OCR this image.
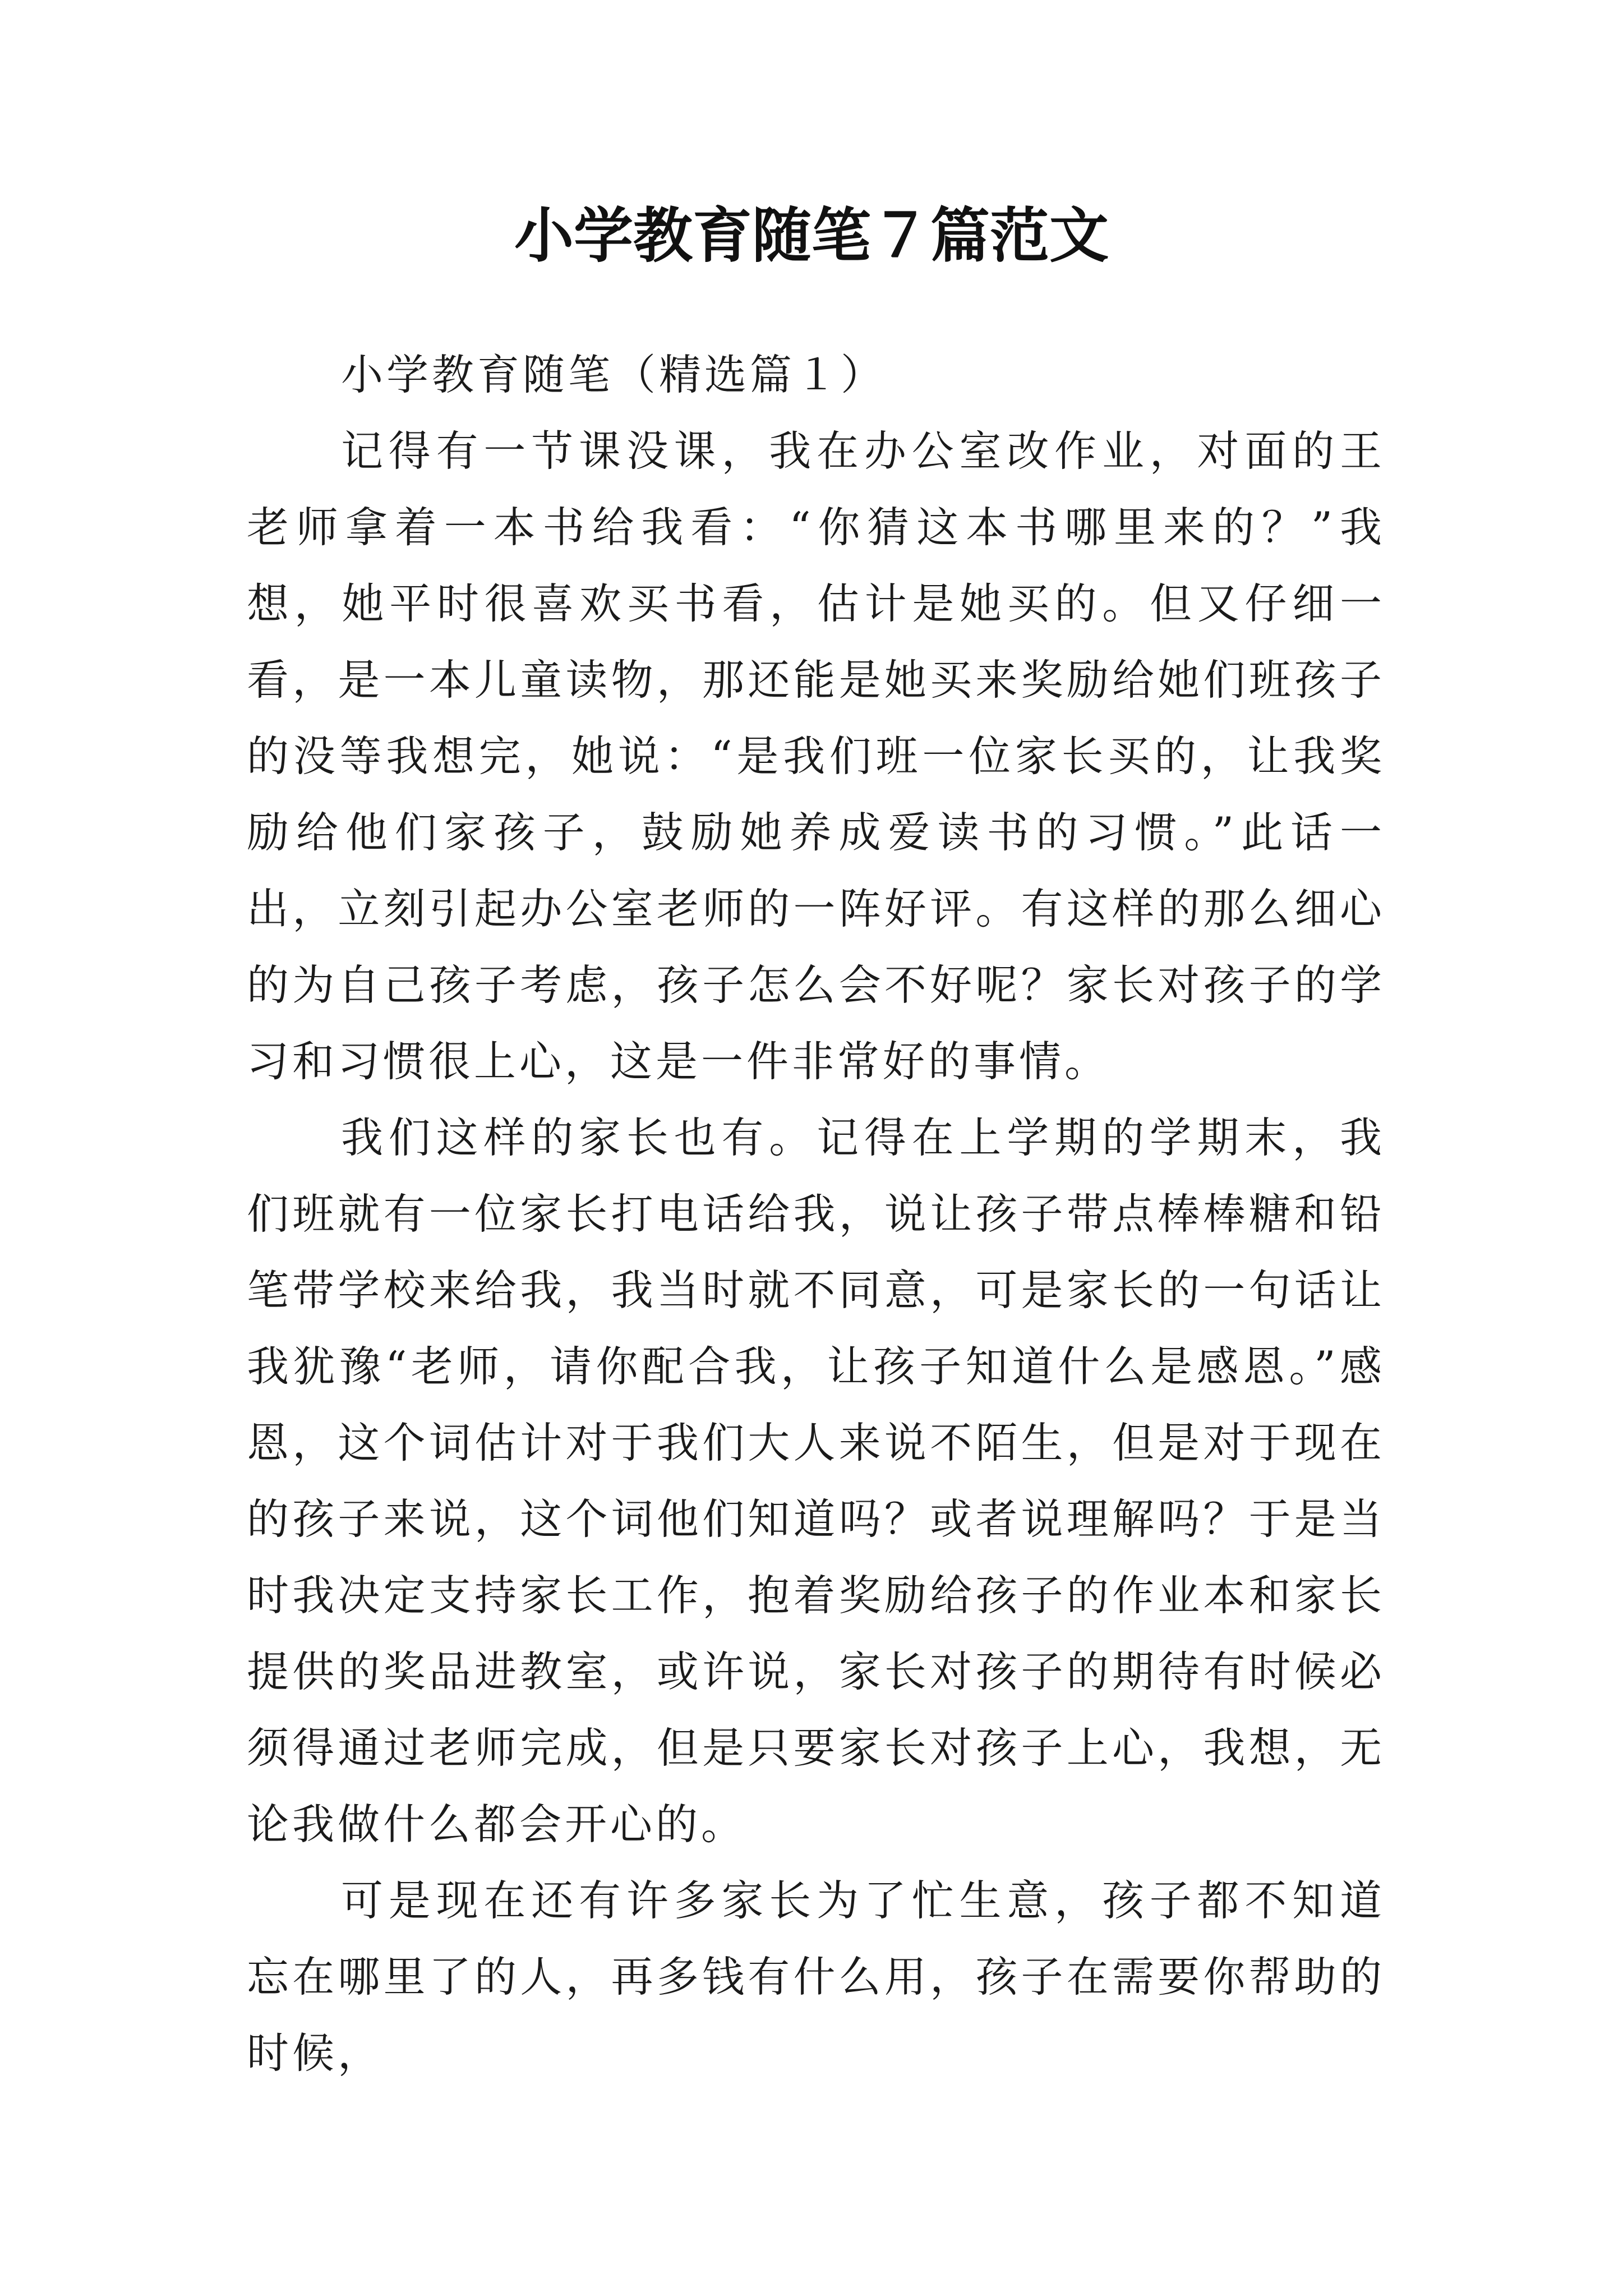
小学教育随笔７篇范文

小学教育随笔（精选篇１）

记得有一节课没课，我在办公室改作业，对面的王老师拿着一本书给我看：“你猜这本书哪里来的？”我想，她平时很喜欢买书看，估计是她买的。但又仔细一看，是一本儿童读物，那还能是她买来奖励给她们班孩子的没等我想完，她说：“是我们班一位家长买的，让我奖励给他们家孩子，鼓励她养成爱读书的习惯。”此话一出，立刻引起办公室老师的一阵好评。有这样的那么细心的为自己孩子考虑，孩子怎么会不好呢？家长对孩子的学习和习惯很上心，这是一件非常好的事情。

我们这样的家长也有。记得在上学期的学期末，我们班就有一位家长打电话给我，说让孩子带点棒棒糖和铅笔带学校来给我，我当时就不同意，可是家长的一句话让我犹豫“老师，请你配合我，让孩子知道什么是感恩。”感恩，这个词估计对于我们大人来说不陌生，但是对于现在的孩子来说，这个词他们知道吗？或者说理解吗？于是当时我决定支持家长工作，抱着奖励给孩子的作业本和家长提供的奖品进教室，或许说，家长对孩子的期待有时候必须得通过老师完成，但是只要家长对孩子上心，我想，无论我做什么都会开心的。

可是现在还有许多家长为了忙生意，孩子都不知道忘在哪里了的人，再多钱有什么用，孩子在需要你帮助的时候，
